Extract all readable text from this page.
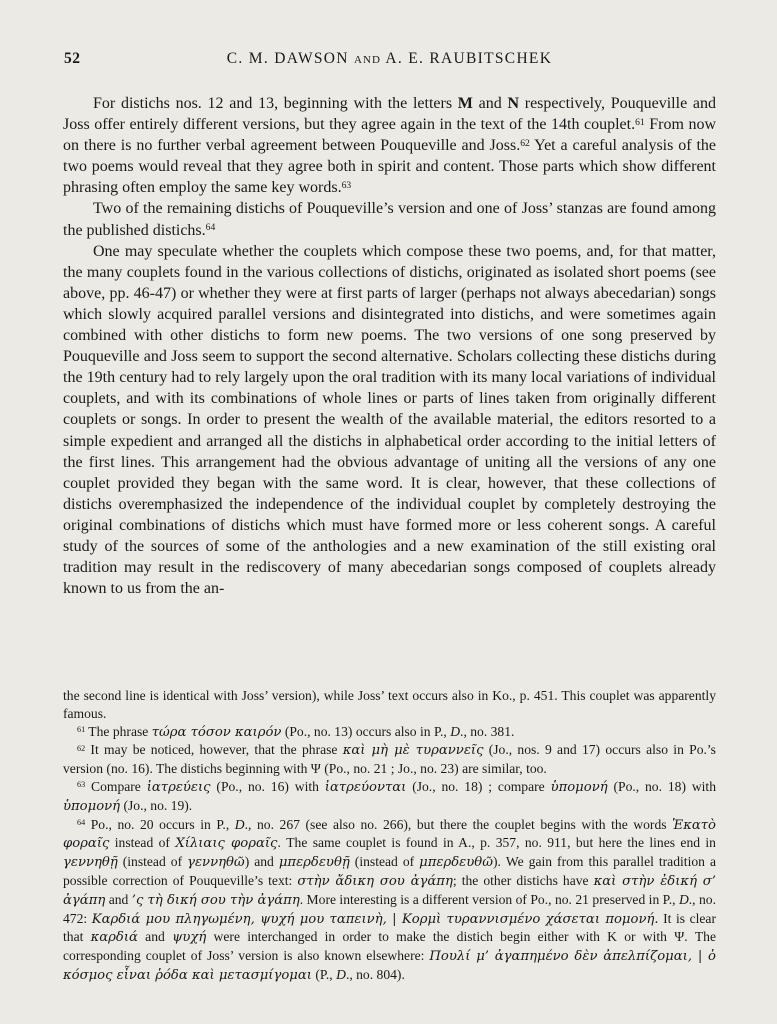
52	C. M. DAWSON and A. E. RAUBITSCHEK

For distichs nos. 12 and 13, beginning with the letters M and N respectively, Pouqueville and Joss offer entirely different versions, but they agree again in the text of the 14th couplet.$^{61}$ From now on there is no further verbal agreement between Pouqueville and Joss.$^{62}$ Yet a careful analysis of the two poems would reveal that they agree both in spirit and content. Those parts which show different phrasing often employ the same key words.$^{63}$

Two of the remaining distichs of Pouqueville’s version and one of Joss’ stanzas are found among the published distichs.$^{64}$

One may speculate whether the couplets which compose these two poems, and, for that matter, the many couplets found in the various collections of distichs, originated as isolated short poems (see above, pp. 46-47) or whether they were at first parts of larger (perhaps not always abecedarian) songs which slowly acquired parallel versions and disintegrated into distichs, and were sometimes again combined with other distichs to form new poems. The two versions of one song preserved by Pouqueville and Joss seem to support the second alternative. Scholars collecting these distichs during the 19th century had to rely largely upon the oral tradition with its many local variations of individual couplets, and with its combinations of whole lines or parts of lines taken from originally different couplets or songs. In order to present the wealth of the available material, the editors resorted to a simple expedient and arranged all the distichs in alphabetical order according to the initial letters of the first lines. This arrangement had the obvious advantage of uniting all the versions of any one couplet provided they began with the same word. It is clear, however, that these collections of distichs overemphasized the independence of the individual couplet by completely destroying the original combinations of distichs which must have formed more or less coherent songs. A careful study of the sources of some of the anthologies and a new examination of the still existing oral tradition may result in the rediscovery of many abecedarian songs composed of couplets already known to us from the an-

the second line is identical with Joss’ version), while Joss’ text occurs also in Ko., p. 451. This couplet was apparently famous.

$^{61}$ The phrase τώρα τόσον καιρόν (Po., no. 13) occurs also in P., D., no. 381.

$^{62}$ It may be noticed, however, that the phrase καὶ μὴ μὲ τυραννεῖς (Jo., nos. 9 and 17) occurs also in Po.’s version (no. 16). The distichs beginning with Ψ (Po., no. 21 ; Jo., no. 23) are similar, too.

$^{63}$ Compare ἰατρεύεις (Po., no. 16) with ἰατρεύονται (Jo., no. 18) ; compare ὑπομονή (Po., no. 18) with ὑπομονή (Jo., no. 19).

$^{64}$ Po., no. 20 occurs in P., D., no. 267 (see also no. 266), but there the couplet begins with the words Ἑκατὸ φοραῖς instead of Χίλιαις φοραῖς. The same couplet is found in A., p. 357, no. 911, but here the lines end in γεννηθῇ (instead of γεννηθῶ) and μπερδευθῇ (instead of μπερδευθῶ). We gain from this parallel tradition a possible correction of Pouqueville’s text: στὴν ἄδικη σου ἀγάπη; the other distichs have καὶ στὴν ἐδική σ’ ἀγάπη and ’ς τὴ δική σου τὴν ἀγάπη. More interesting is a different version of Po., no. 21 preserved in P., D., no. 472: Καρδιά μου πληγωμένη, ψυχή μου ταπεινὴ, | Κορμὶ τυραννισμένο χάσεται πομονή. It is clear that καρδιά and ψυχή were interchanged in order to make the distich begin either with Κ or with Ψ. The corresponding couplet of Joss’ version is also known elsewhere: Πουλί μ’ ἀγαπημένο δὲν ἀπελπίζομαι, | ὁ κόσμος εἶναι ῥόδα καὶ μετασμίγομαι (P., D., no. 804).
